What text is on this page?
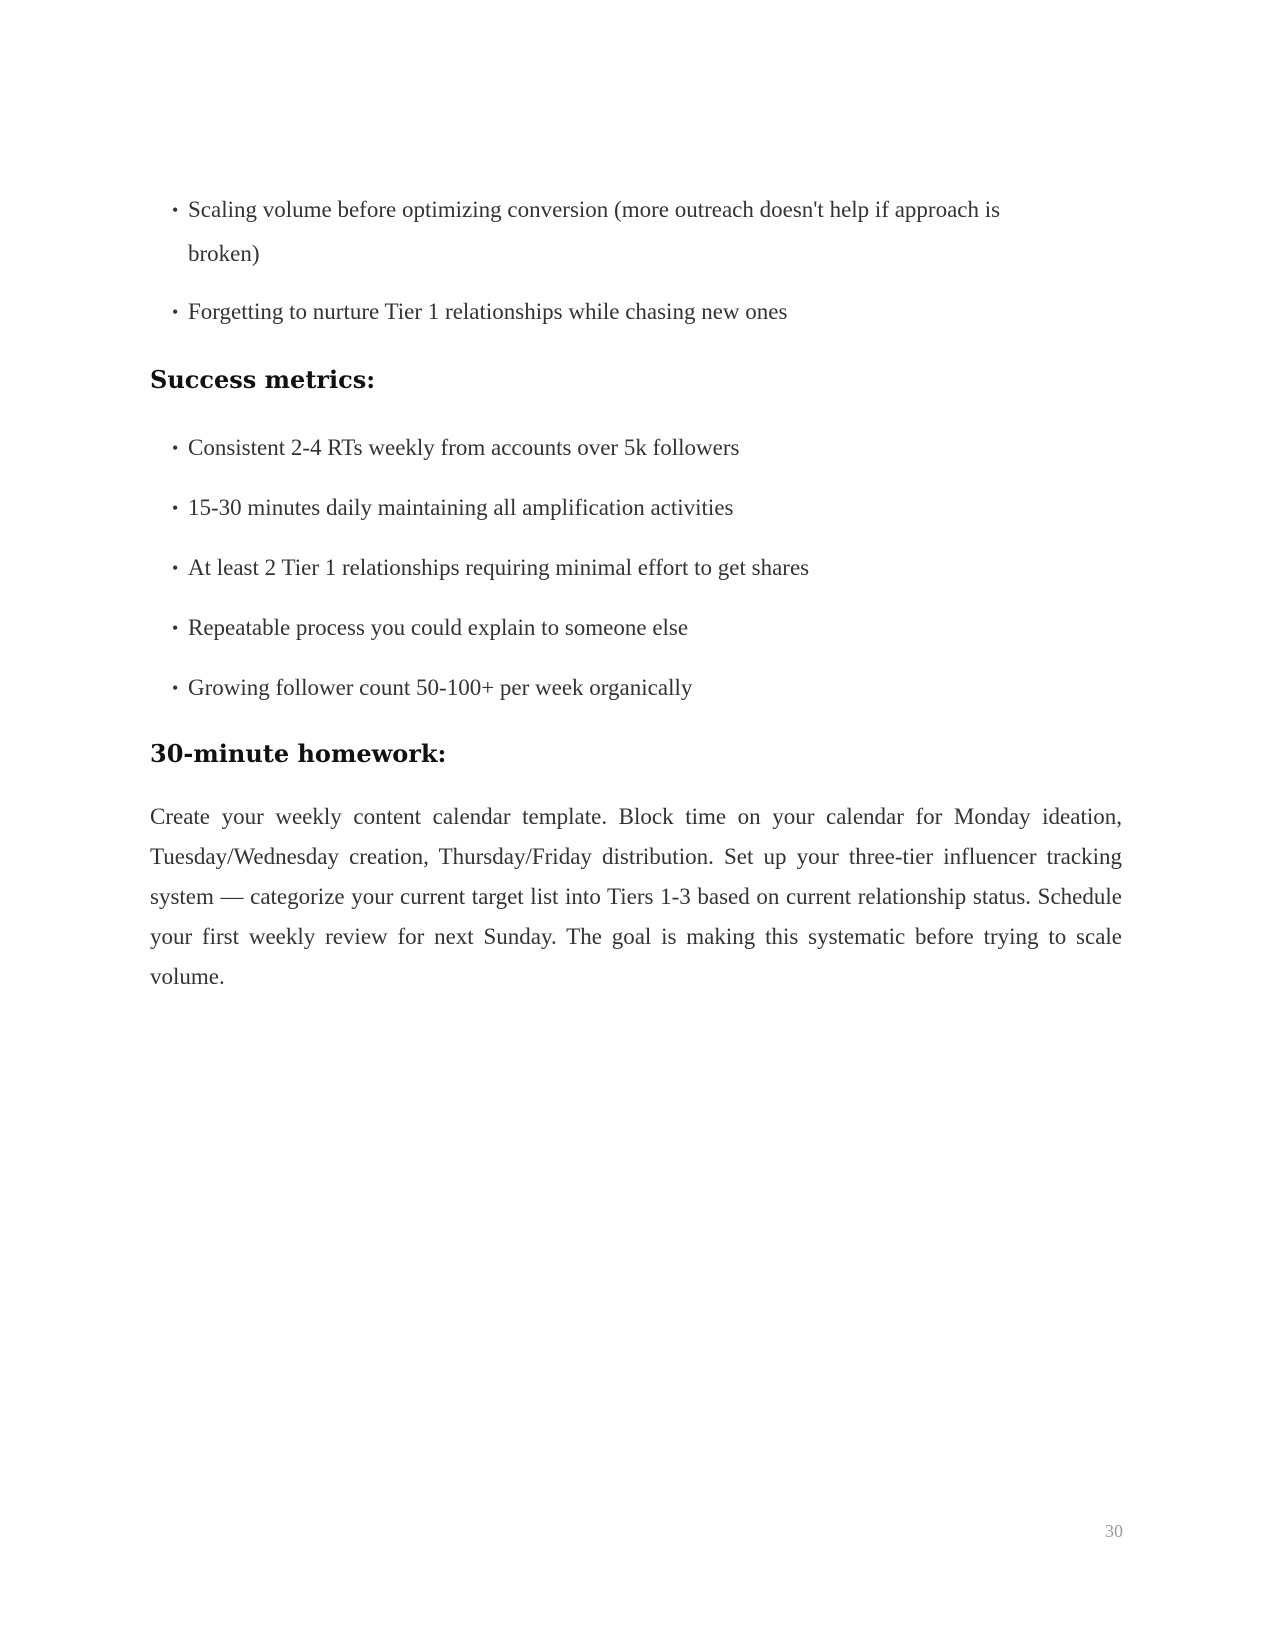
• Scaling volume before optimizing conversion (more outreach doesn't help if approach is broken)
• Forgetting to nurture Tier 1 relationships while chasing new ones
Success metrics:
• Consistent 2-4 RTs weekly from accounts over 5k followers
• 15-30 minutes daily maintaining all amplification activities
• At least 2 Tier 1 relationships requiring minimal effort to get shares
• Repeatable process you could explain to someone else
• Growing follower count 50-100+ per week organically
30-minute homework:

Create your weekly content calendar template. Block time on your calendar for Monday ideation, Tuesday/Wednesday creation, Thursday/Friday distribution. Set up your three-tier influencer tracking system — categorize your current target list into Tiers 1-3 based on current relationship status. Schedule your first weekly review for next Sunday. The goal is making this systematic before trying to scale volume.

30
